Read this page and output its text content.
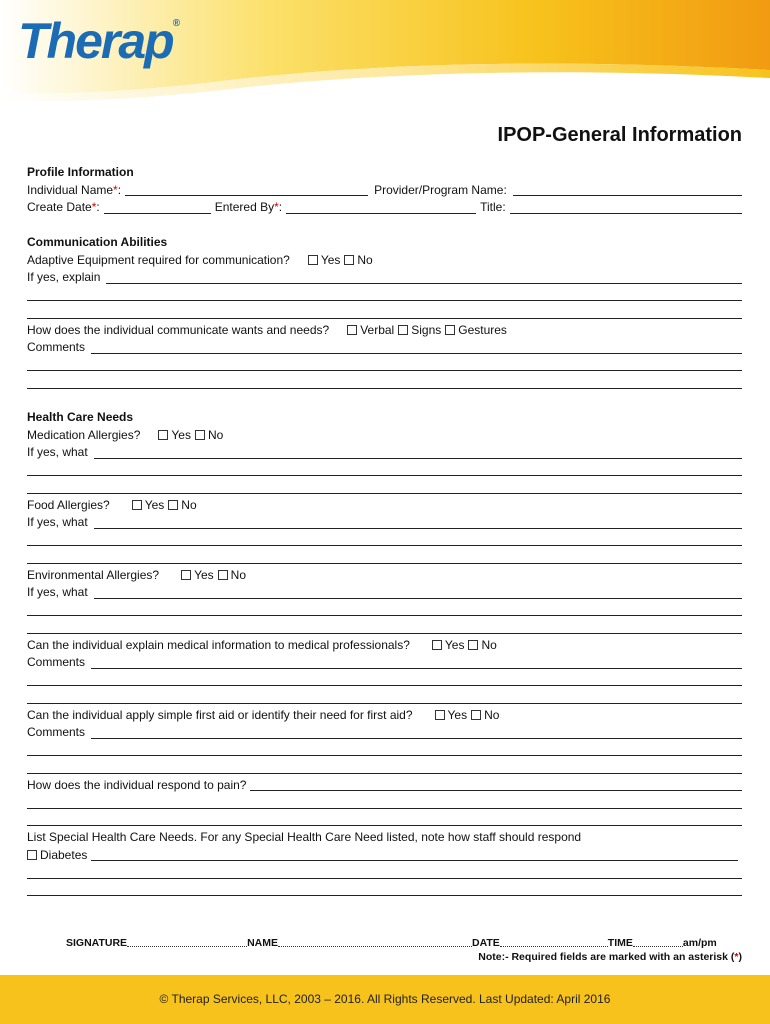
Therap®
IPOP-General Information
Profile Information
Individual Name * :	Provider/Program Name:
Create Date * :	Entered By * :	Title:
Communication Abilities
Adaptive Equipment required for communication?	Yes No
If yes, explain
How does the individual communicate wants and needs?	Verbal Signs Gestures
Comments
Health Care Needs
Medication Allergies?	Yes No
If yes, what
Food Allergies?	Yes No
If yes, what
Environmental Allergies?	Yes No
If yes, what
Can the individual explain medical information to medical professionals?	Yes No
Comments
Can the individual apply simple first aid or identify their need for first aid?	Yes No
Comments
How does the individual respond to pain?
List Special Health Care Needs. For any Special Health Care Need listed, note how staff should respond
Diabetes
SIGNATURE	NAME	DATE	TIME	am/pm
Note:- Required fields are marked with an asterisk (*)
© Therap Services, LLC, 2003 – 2016. All Rights Reserved. Last Updated: April 2016
